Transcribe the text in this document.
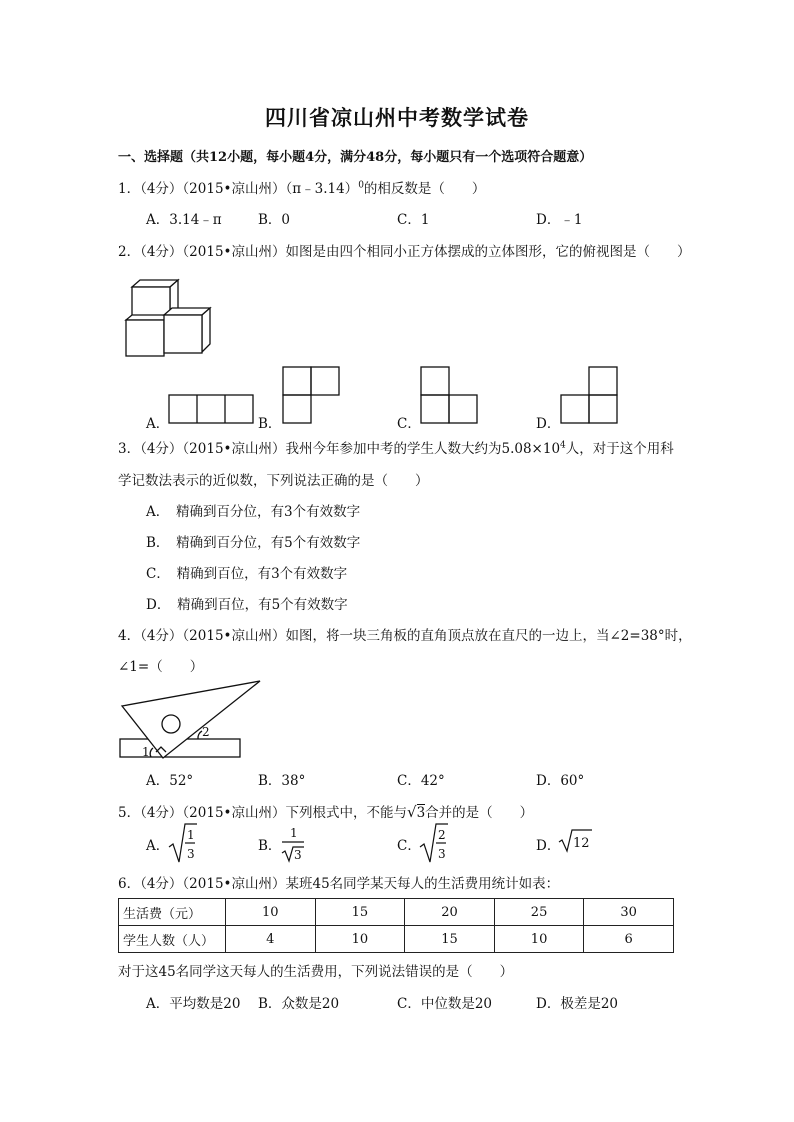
四川省凉山州中考数学试卷
一、选择题（共12小题，每小题4分，满分48分，每小题只有一个选项符合题意）
1．（4分）（2015•凉山州）（π﹣3.14）$^0$的相反数是（　　）
A．3.14﹣π	B．0	C．1	D．﹣1
2．（4分）（2015•凉山州）如图是由四个相同小正方体摆成的立体图形，它的俯视图是（　　）
A．	B．	C．	D．
3．（4分）（2015•凉山州）我州今年参加中考的学生人数大约为$5.08\times 10^4$人，对于这个用科
学记数法表示的近似数，下列说法正确的是（　　）
A．　精确到百分位，有3个有效数字
B．　精确到百分位，有5个有效数字
C．　精确到百位，有3个有效数字
D．　精确到百位，有5个有效数字
4．（4分）（2015•凉山州）如图，将一块三角板的直角顶点放在直尺的一边上，当∠2=38°时，
∠1=（　　）
2
1
A．52°	B．38°	C．42°	D．60°
5．（4分）（2015•凉山州）下列根式中，不能与√3合并的是（　　）
A．
1
3	B．
1
3
C．
2
3	D． 12
6．（4分）（2015•凉山州）某班45名同学某天每人的生活费用统计如表：
生活费（元）	10	15	20	25	30
学生人数（人）	4	10	15	10	6
对于这45名同学这天每人的生活费用，下列说法错误的是（　　）
A．平均数是20 B．众数是20	C．中位数是20	D．极差是20
